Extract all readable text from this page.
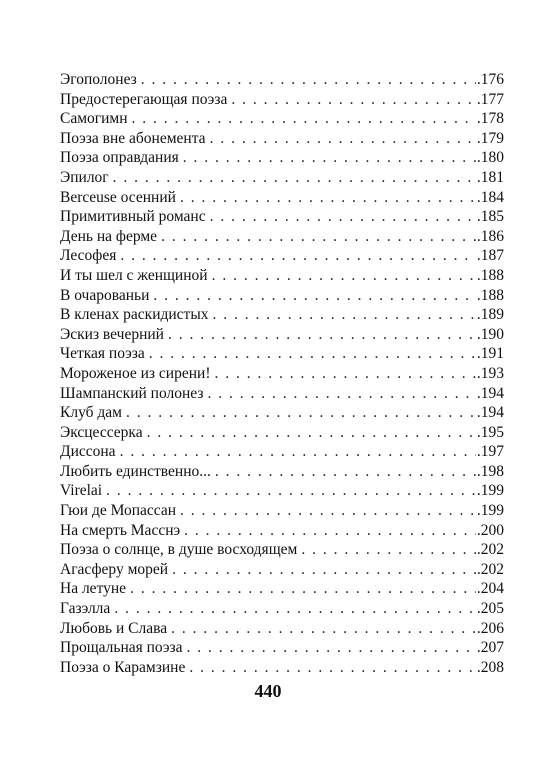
Эгополонез . . .	.176
Предостерегающая поэза . . .	.177
Самогимн . . .	.178
Поэза вне абонемента . . .	.179
Поэза оправдания . . .	.180
Эпилог . . .	.181
Berceuse осенний . . .	.184
Примитивный романс . . .	.185
День на ферме . . .	.186
Лесофея . . .	.187
И ты шел с женщиной . . .	.188
В очарованьи . . .	.188
В кленах раскидистых . . .	.189
Эскиз вечерний . . .	.190
Четкая поэза . . .	.191
Мороженое из сирени! . . .	.193
Шампанский полонез . . .	.194
Клуб дам . . .	.194
Эксцессерка . . .	.195
Диссона . . .	.197
Любить единственно... . . .	.198
Virelai . . .	.199
Гюи де Мопассан . . .	.199
На смерть Масснэ . . .	.200
Поэза о солнце, в душе восходящем . . .	.202
Агасферу морей . . .	.202
На летуне . . .	.204
Газэлла . . .	.205
Любовь и Слава . . .	.206
Прощальная поэза . . .	.207
Поэза о Карамзине . . .	.208
440
